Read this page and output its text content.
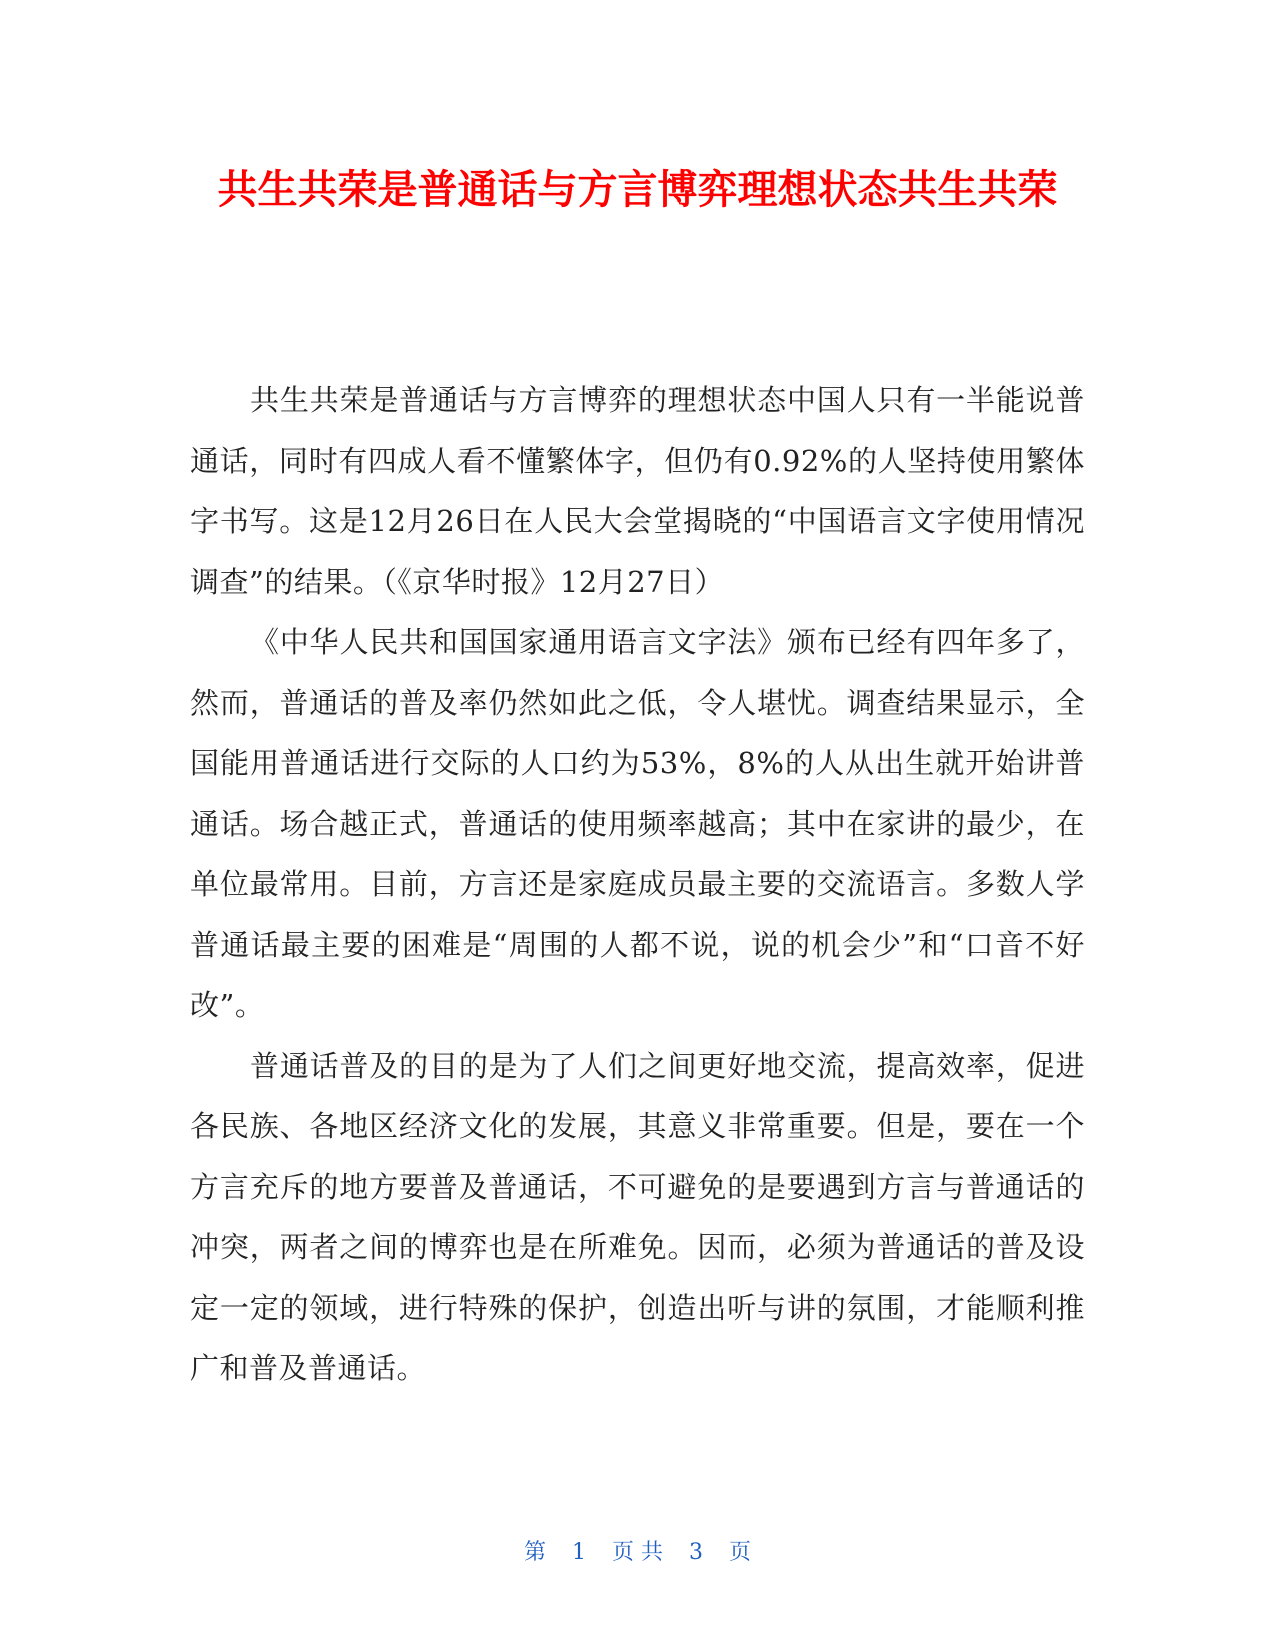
共生共荣是普通话与方言博弈理想状态共生共荣

共生共荣是普通话与方言博弈的理想状态中国人只有一半能说普通话，同时有四成人看不懂繁体字，但仍有0.92%的人坚持使用繁体字书写。这是12月26日在人民大会堂揭晓的“中国语言文字使用情况调查”的结果。（《京华时报》12月27日）

《中华人民共和国国家通用语言文字法》颁布已经有四年多了，然而，普通话的普及率仍然如此之低，令人堪忧。调查结果显示，全国能用普通话进行交际的人口约为53%，8%的人从出生就开始讲普通话。场合越正式，普通话的使用频率越高；其中在家讲的最少，在单位最常用。目前，方言还是家庭成员最主要的交流语言。多数人学普通话最主要的困难是“周围的人都不说，说的机会少”和“口音不好改”。

普通话普及的目的是为了人们之间更好地交流，提高效率，促进各民族、各地区经济文化的发展，其意义非常重要。但是，要在一个方言充斥的地方要普及普通话，不可避免的是要遇到方言与普通话的冲突，两者之间的博弈也是在所难免。因而，必须为普通话的普及设定一定的领域，进行特殊的保护，创造出听与讲的氛围，才能顺利推广和普及普通话。

第 1 页 共 3 页
